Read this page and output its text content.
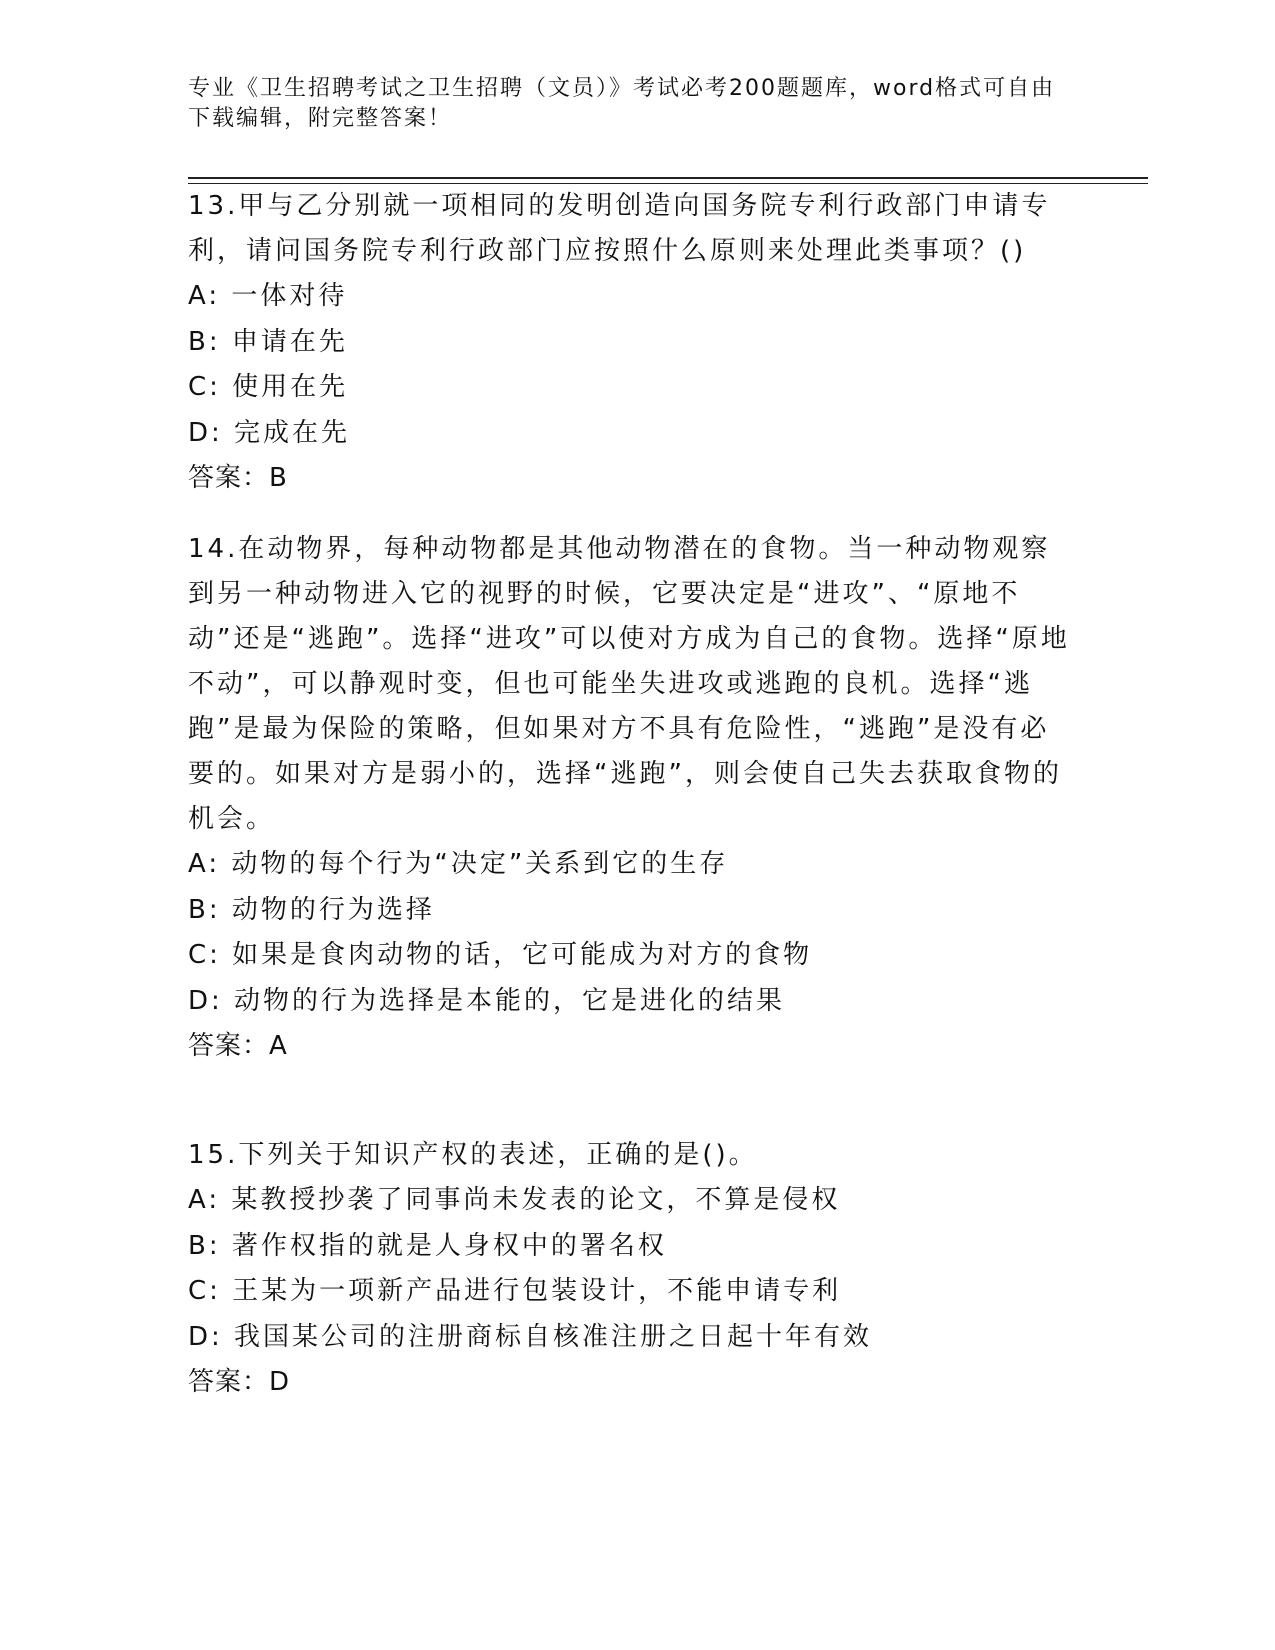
专业《卫生招聘考试之卫生招聘（文员）》考试必考200题题库，word格式可自由下载编辑，附完整答案！

13.甲与乙分别就一项相同的发明创造向国务院专利行政部门申请专利，请问国务院专利行政部门应按照什么原则来处理此类事项？()

A: 一体对待

B: 申请在先

C: 使用在先

D: 完成在先

答案：B

14.在动物界，每种动物都是其他动物潜在的食物。当一种动物观察到另一种动物进入它的视野的时候，它要决定是“进攻”、“原地不动”还是“逃跑”。选择“进攻”可以使对方成为自己的食物。选择“原地不动”，可以静观时变，但也可能坐失进攻或逃跑的良机。选择“逃跑”是最为保险的策略，但如果对方不具有危险性，“逃跑”是没有必要的。如果对方是弱小的，选择“逃跑”，则会使自己失去获取食物的机会。

A: 动物的每个行为“决定”关系到它的生存

B: 动物的行为选择

C: 如果是食肉动物的话，它可能成为对方的食物

D: 动物的行为选择是本能的，它是进化的结果

答案：A

15.下列关于知识产权的表述，正确的是()。

A: 某教授抄袭了同事尚未发表的论文，不算是侵权

B: 著作权指的就是人身权中的署名权

C: 王某为一项新产品进行包装设计，不能申请专利

D: 我国某公司的注册商标自核准注册之日起十年有效

答案：D
